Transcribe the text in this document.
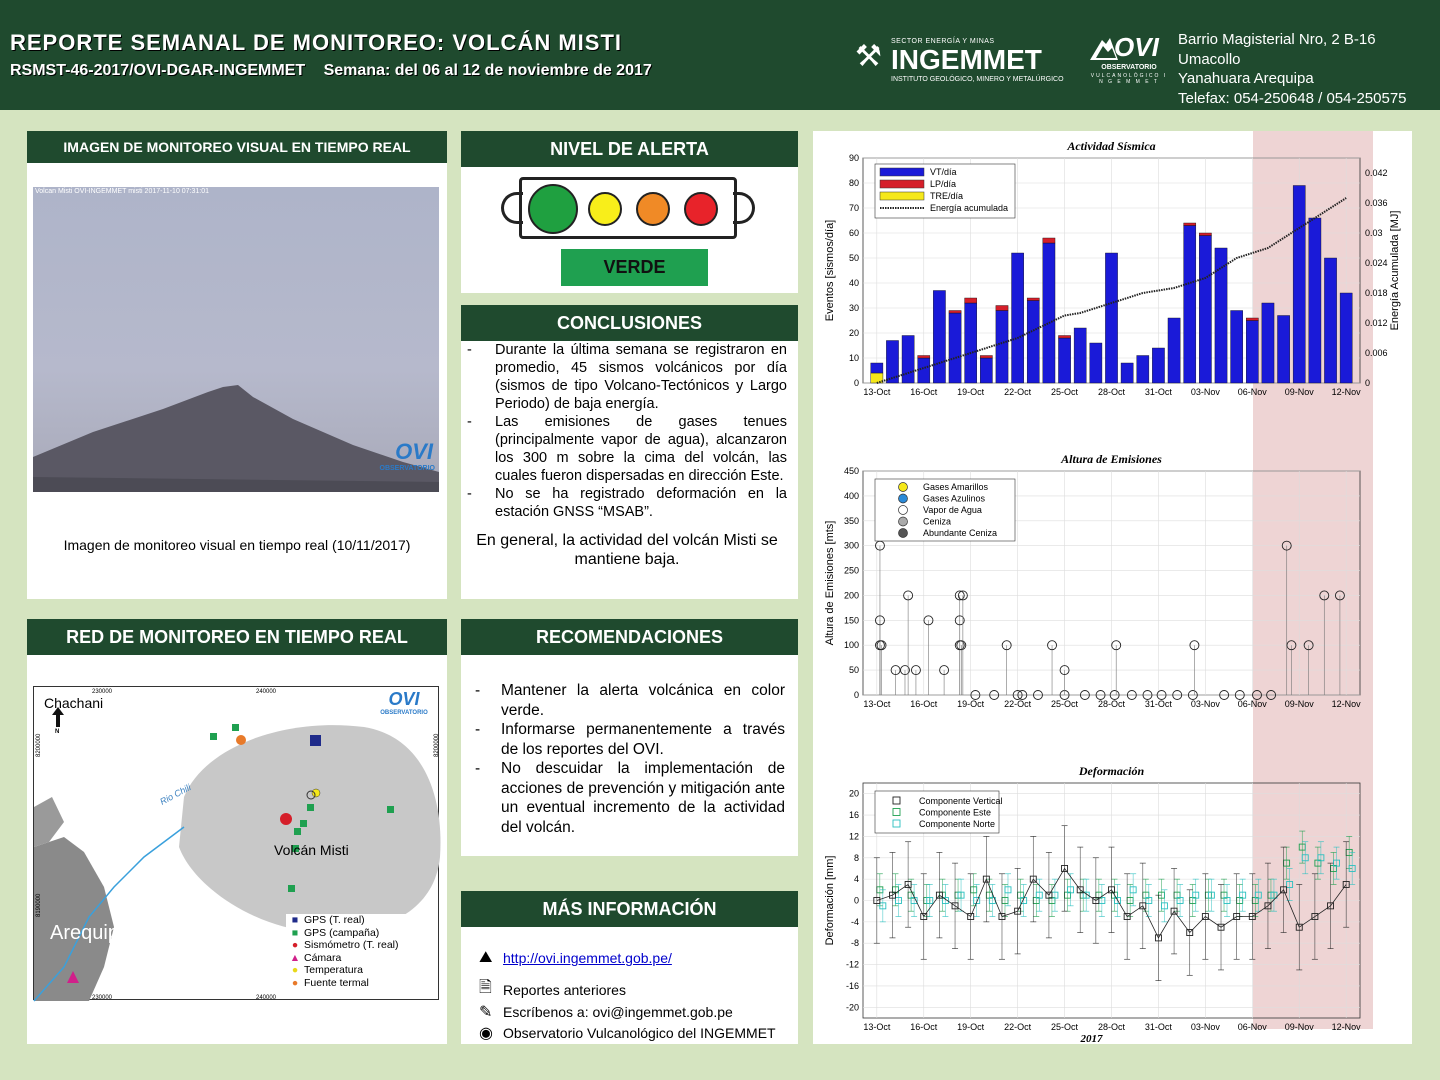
REPORTE SEMANAL DE MONITOREO: VOLCÁN MISTI
RSMST-46-2017/OVI-DGAR-INGEMMET Semana: del 06 al 12 de noviembre de 2017	⚒ SECTOR ENERGÍA Y MINAS
INGEMMET
INSTITUTO GEOLÓGICO, MINERO Y METALÚRGICO
OVI
OBSERVATORIO
VULCANOLÓGICO I N G E M M E T
Barrio Magisterial Nro, 2 B-16
Umacollo
Yanahuara Arequipa
Telefax: 054-250648 / 054-250575
IMAGEN DE MONITOREO VISUAL EN TIEMPO REAL
Volcan Misti OVI-INGEMMET misti 2017-11-10 07:31:01
OVI
OBSERVATORIO
Imagen de monitoreo visual en tiempo real (10/11/2017)
NIVEL DE ALERTA
VERDE
CONCLUSIONES
-	Durante la última semana se registraron en promedio, 45 sismos volcánicos por día (sismos de tipo Volcano-Tectónicos y Largo Periodo) de baja energía.
-	Las emisiones de gases tenues (principalmente vapor de agua), alcanzaron los 300 m sobre la cima del volcán, las cuales fueron dispersadas en dirección Este.
-	No se ha registrado deformación en la estación GNSS “MSAB”.
En general, la actividad del volcán Misti se mantiene baja.
RED DE MONITOREO EN TIEMPO REAL
Rio Chili
230000	240000
230000	240000
8200000
8190000
8200000
Chachani
N
Volcán Misti
Arequipa
OVI
OBSERVATORIO
■ GPS (T. real)
■ GPS (campaña)
● Sismómetro (T. real)
▲ Cámara
● Temperatura
● Fuente termal
RECOMENDACIONES
-	Mantener la alerta volcánica en color verde.
-	Informarse permanentemente a través de los reportes del OVI.
-	No descuidar la implementación de acciones de prevención y mitigación ante un eventual incremento de la actividad del volcán.
MÁS INFORMACIÓN
⛰ http://ovi.ingemmet.gob.pe/
🗎 Reportes anteriores
✎ Escríbenos a: ovi@ingemmet.gob.pe
◉ Observatorio Vulcanológico del INGEMMET
Actividad Sísmica
0
10
20
30
40
50
60
70
80
90
13-Oct 16-Oct 19-Oct 22-Oct 25-Oct 28-Oct 31-Oct 03-Nov 06-Nov 09-Nov 12-Nov
Eventos [sismos/día]
0
0.006
0.012
0.018
0.024
0.03
0.036
0.042
Energía Acumulada [MJ]
VT/día
LP/día
TRE/día
Energía acumulada
Altura de Emisiones
0
50
100
150
200
250
300
350
400
450
13-Oct 16-Oct 19-Oct 22-Oct 25-Oct 28-Oct 31-Oct 03-Nov 06-Nov 09-Nov 12-Nov
Altura de Emisiones [mts]
Gases Amarillos
Gases Azulinos
Vapor de Agua
Ceniza
Abundante Ceniza
Deformación
-20
-16
-12
-8
-4
0
4
8
12
16
20
13-Oct 16-Oct 19-Oct 22-Oct 25-Oct 28-Oct 31-Oct 03-Nov 06-Nov 09-Nov 12-Nov
Deformación [mm]
2017
Componente Vertical
Componente Este
Componente Norte
